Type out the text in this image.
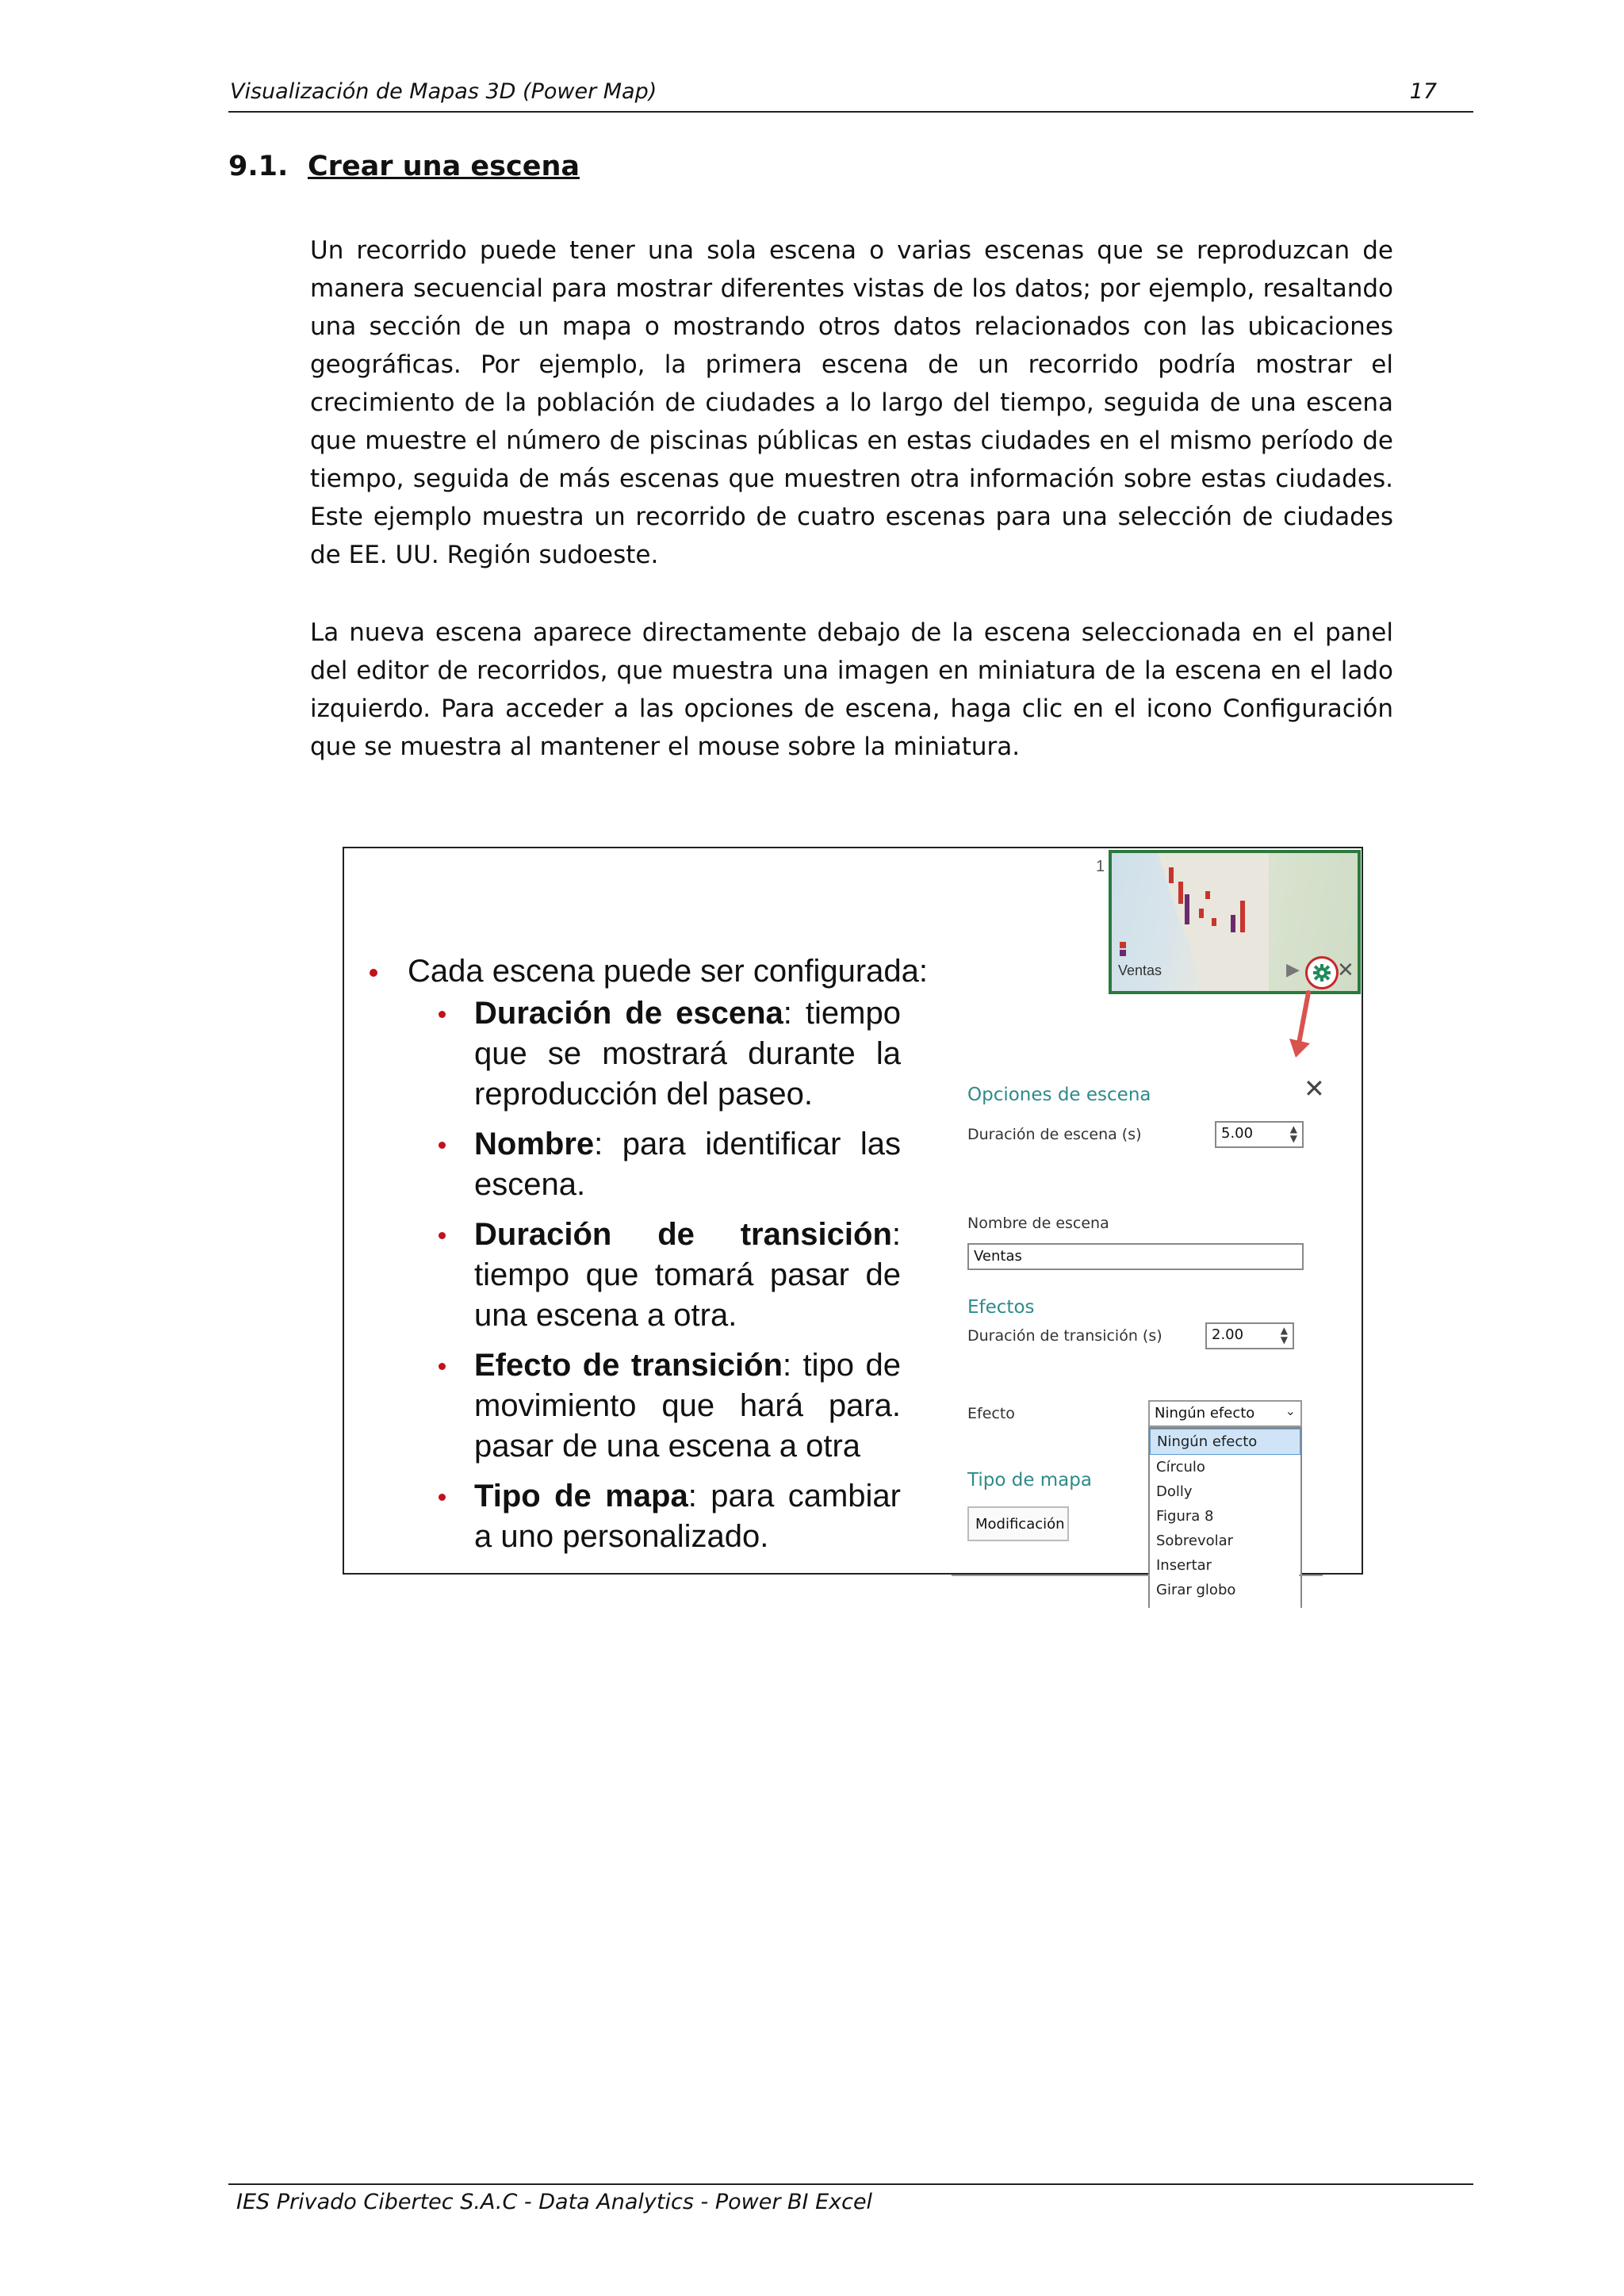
Visualización de Mapas 3D (Power Map)	17
9.1. Crear una escena
Un recorrido puede tener una sola escena o varias escenas que se reproduzcan de manera secuencial para mostrar diferentes vistas de los datos; por ejemplo, resaltando una sección de un mapa o mostrando otros datos relacionados con las ubicaciones geográficas. Por ejemplo, la primera escena de un recorrido podría mostrar el crecimiento de la población de ciudades a lo largo del tiempo, seguida de una escena que muestre el número de piscinas públicas en estas ciudades en el mismo período de tiempo, seguida de más escenas que muestren otra información sobre estas ciudades. Este ejemplo muestra un recorrido de cuatro escenas para una selección de ciudades de EE. UU. Región sudoeste.
La nueva escena aparece directamente debajo de la escena seleccionada en el panel del editor de recorridos, que muestra una imagen en miniatura de la escena en el lado izquierdo. Para acceder a las opciones de escena, haga clic en el icono Configuración que se muestra al mantener el mouse sobre la miniatura.
Cada escena puede ser configurada:
Duración de escena: tiempo que se mostrará durante la reproducción del paseo.
Nombre: para identificar las escena.
Duración de transición: tiempo que tomará pasar de una escena a otra.
Efecto de transición: tipo de movimiento que hará para. pasar de una escena a otra
Tipo de mapa: para cambiar a uno personalizado.
1
Ventas	▶ ✕
Opciones de escena	✕
Duración de escena (s)	5.00	▲
▼
Nombre de escena
Ventas
Efectos
Duración de transición (s)	2.00	▲
▼
Efecto	Ningún efecto ⌄
Ningún efecto
Círculo
Dolly
Figura 8
Sobrevolar
Insertar
Girar globo
Tipo de mapa
Modificación
IES Privado Cibertec S.A.C - Data Analytics - Power BI Excel
